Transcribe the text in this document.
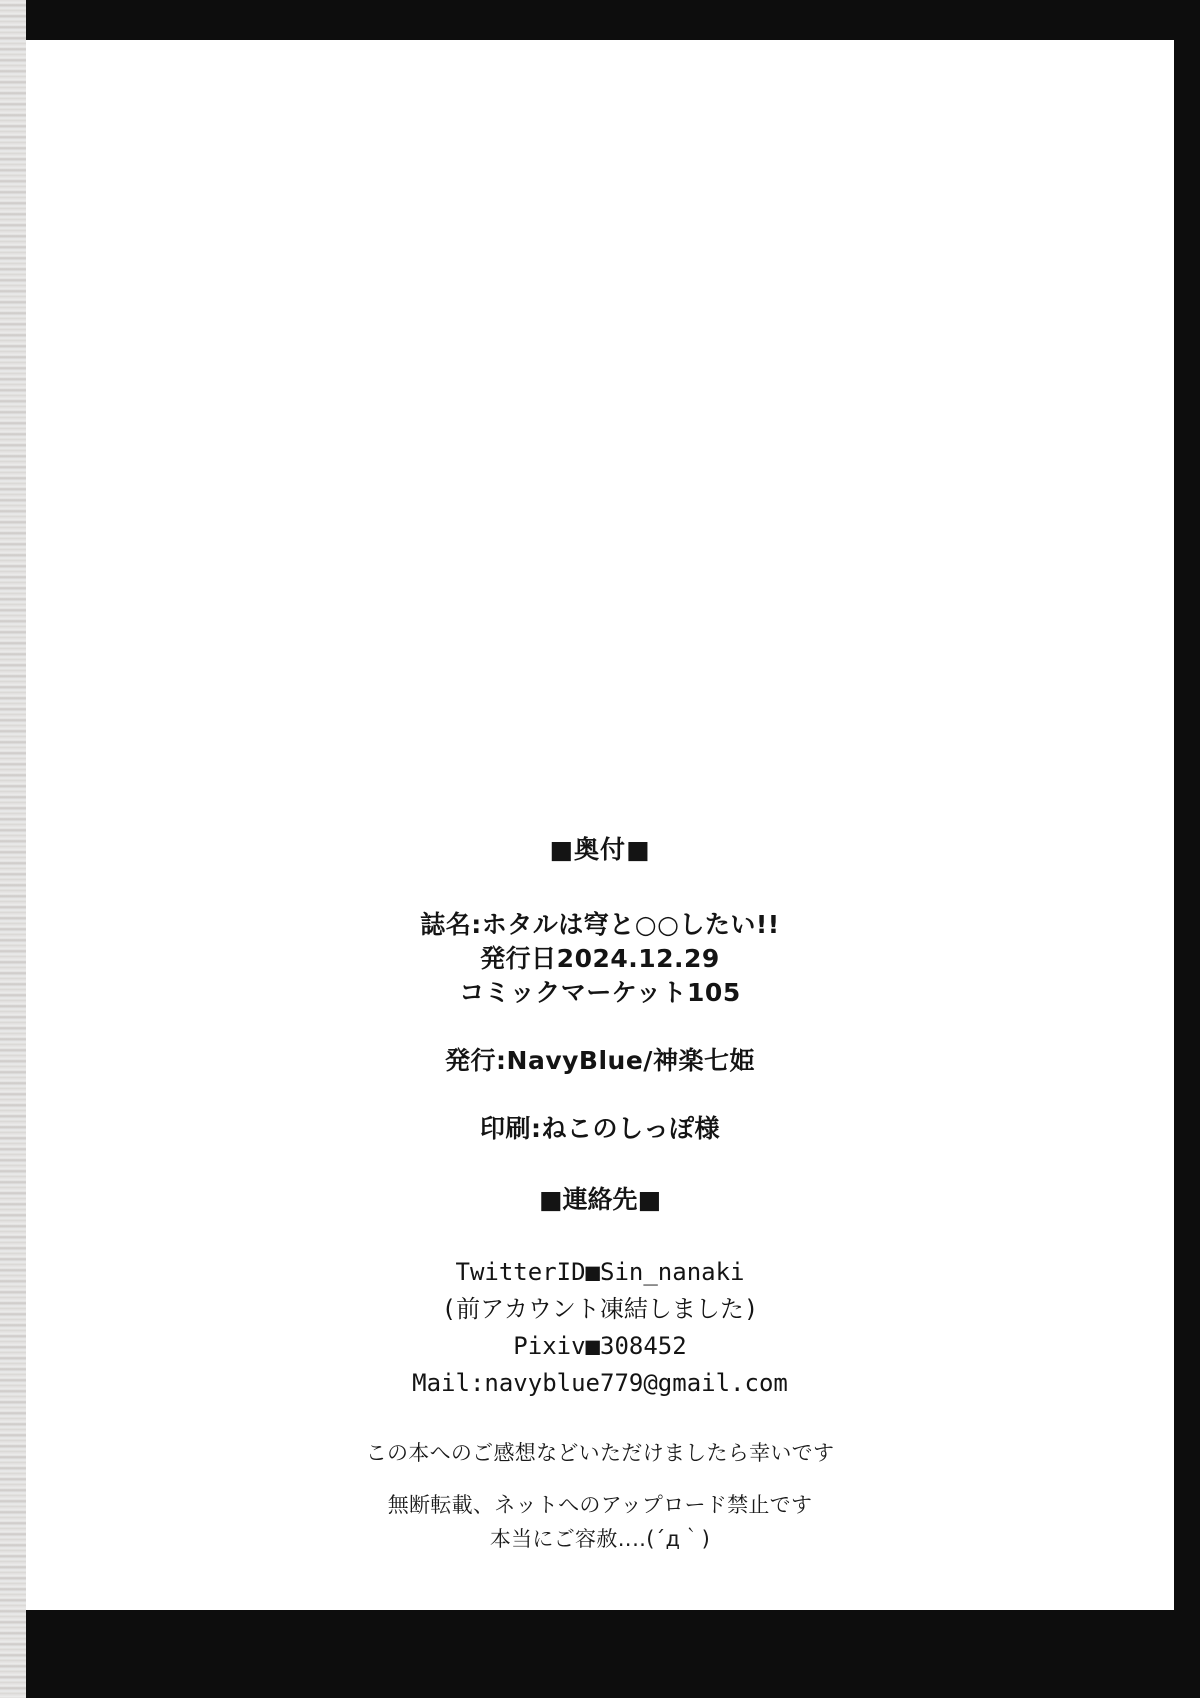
■奥付■
誌名:ホタルは穹と○○したい!!
発行日2024.12.29
コミックマーケット105
発行:NavyBlue/神楽七姫
印刷:ねこのしっぽ様
■連絡先■
TwitterID■Sin_nanaki
(前アカウント凍結しました)
Pixiv■308452
Mail:navyblue779@gmail.com
この本へのご感想などいただけましたら幸いです
無断転載、ネットへのアップロード禁止です
本当にご容赦‥‥(´д｀)
